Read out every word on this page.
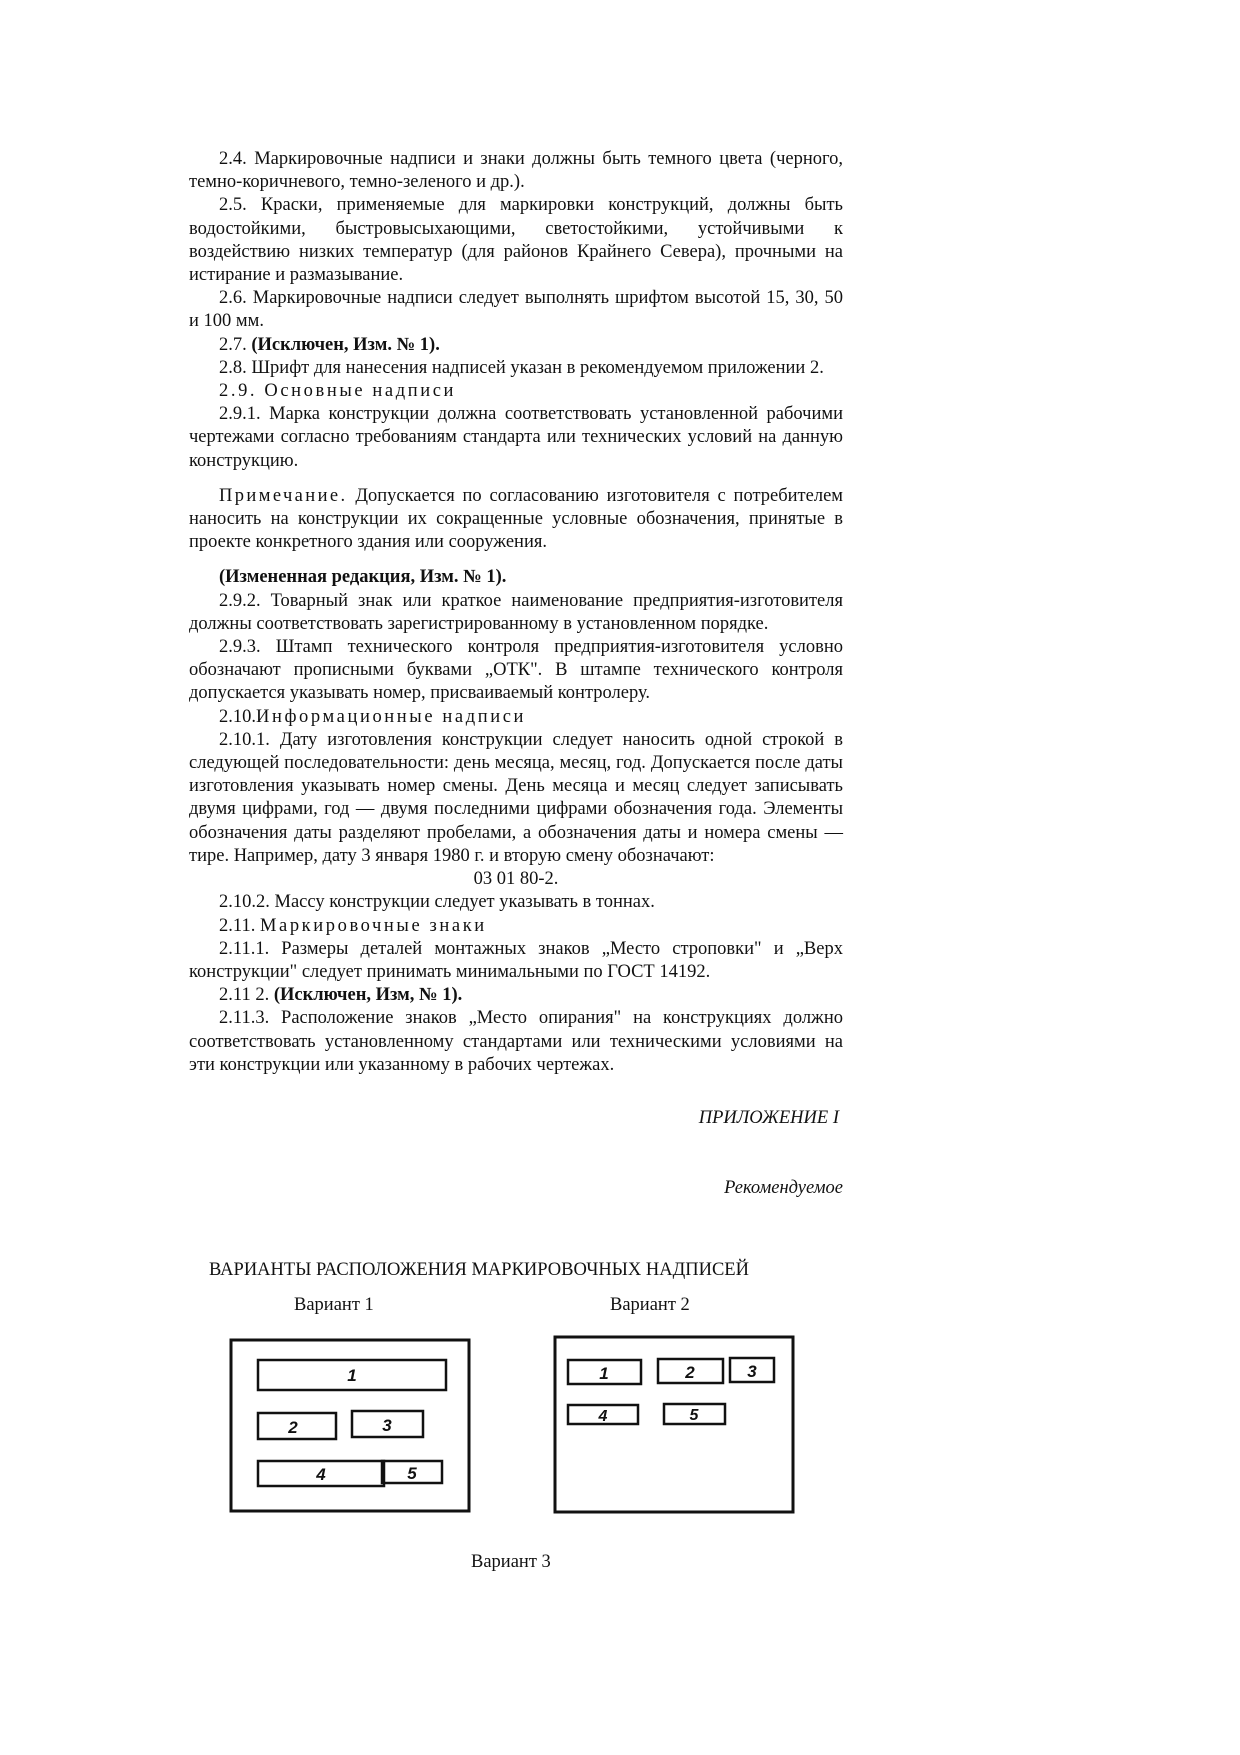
2.4. Маркировочные надписи и знаки должны быть темного цвета (черного, темно-коричневого, темно-зеленого и др.).

2.5. Краски, применяемые для маркировки конструкций, должны быть водостойкими, быстровысыхающими, светостойкими, устойчивыми к воздействию низких температур (для районов Крайнего Севера), прочными на истирание и размазывание.

2.6. Маркировочные надписи следует выполнять шрифтом высотой 15, 30, 50 и 100 мм.

2.7. (Исключен, Изм. № 1).

2.8. Шрифт для нанесения надписей указан в рекомендуемом приложении 2.

2.9. Основные надписи

2.9.1. Марка конструкции должна соответствовать установленной рабочими чертежами согласно требованиям стандарта или технических условий на данную конструкцию.

Примечание. Допускается по согласованию изготовителя с потребителем наносить на конструкции их сокращенные условные обозначения, принятые в проекте конкретного здания или сооружения.

(Измененная редакция, Изм. № 1).

2.9.2. Товарный знак или краткое наименование предприятия-изготовителя должны соответствовать зарегистрированному в установленном порядке.

2.9.3. Штамп технического контроля предприятия-изготовителя условно обозначают прописными буквами „ОТК". В штампе технического контроля допускается указывать номер, присваиваемый контролеру.

2.10.Информационные надписи

2.10.1. Дату изготовления конструкции следует наносить одной строкой в следующей последовательности: день месяца, месяц, год. Допускается после даты изготовления указывать номер смены. День месяца и месяц следует записывать двумя цифрами, год — двумя последними цифрами обозначения года. Элементы обозначения даты разделяют пробелами, а обозначения даты и номера смены — тире. Например, дату 3 января 1980 г. и вторую смену обозначают:

03 01 80-2.

2.10.2. Массу конструкции следует указывать в тоннах.

2.11. Маркировочные знаки

2.11.1. Размеры деталей монтажных знаков „Место строповки" и „Верх конструкции" следует принимать минимальными по ГОСТ 14192.

2.11 2. (Исключен, Изм, № 1).

2.11.3. Расположение знаков „Место опирания" на конструкциях должно соответствовать установленному стандартами или техническими условиями на эти конструкции или указанному в рабочих чертежах.

ПРИЛОЖЕНИЕ I

Рекомендуемое

ВАРИАНТЫ РАСПОЛОЖЕНИЯ МАРКИРОВОЧНЫХ НАДПИСЕЙ
Вариант 1	Вариант 2
Вариант 3
1
2	3
4	5
1	2	3
4	5
